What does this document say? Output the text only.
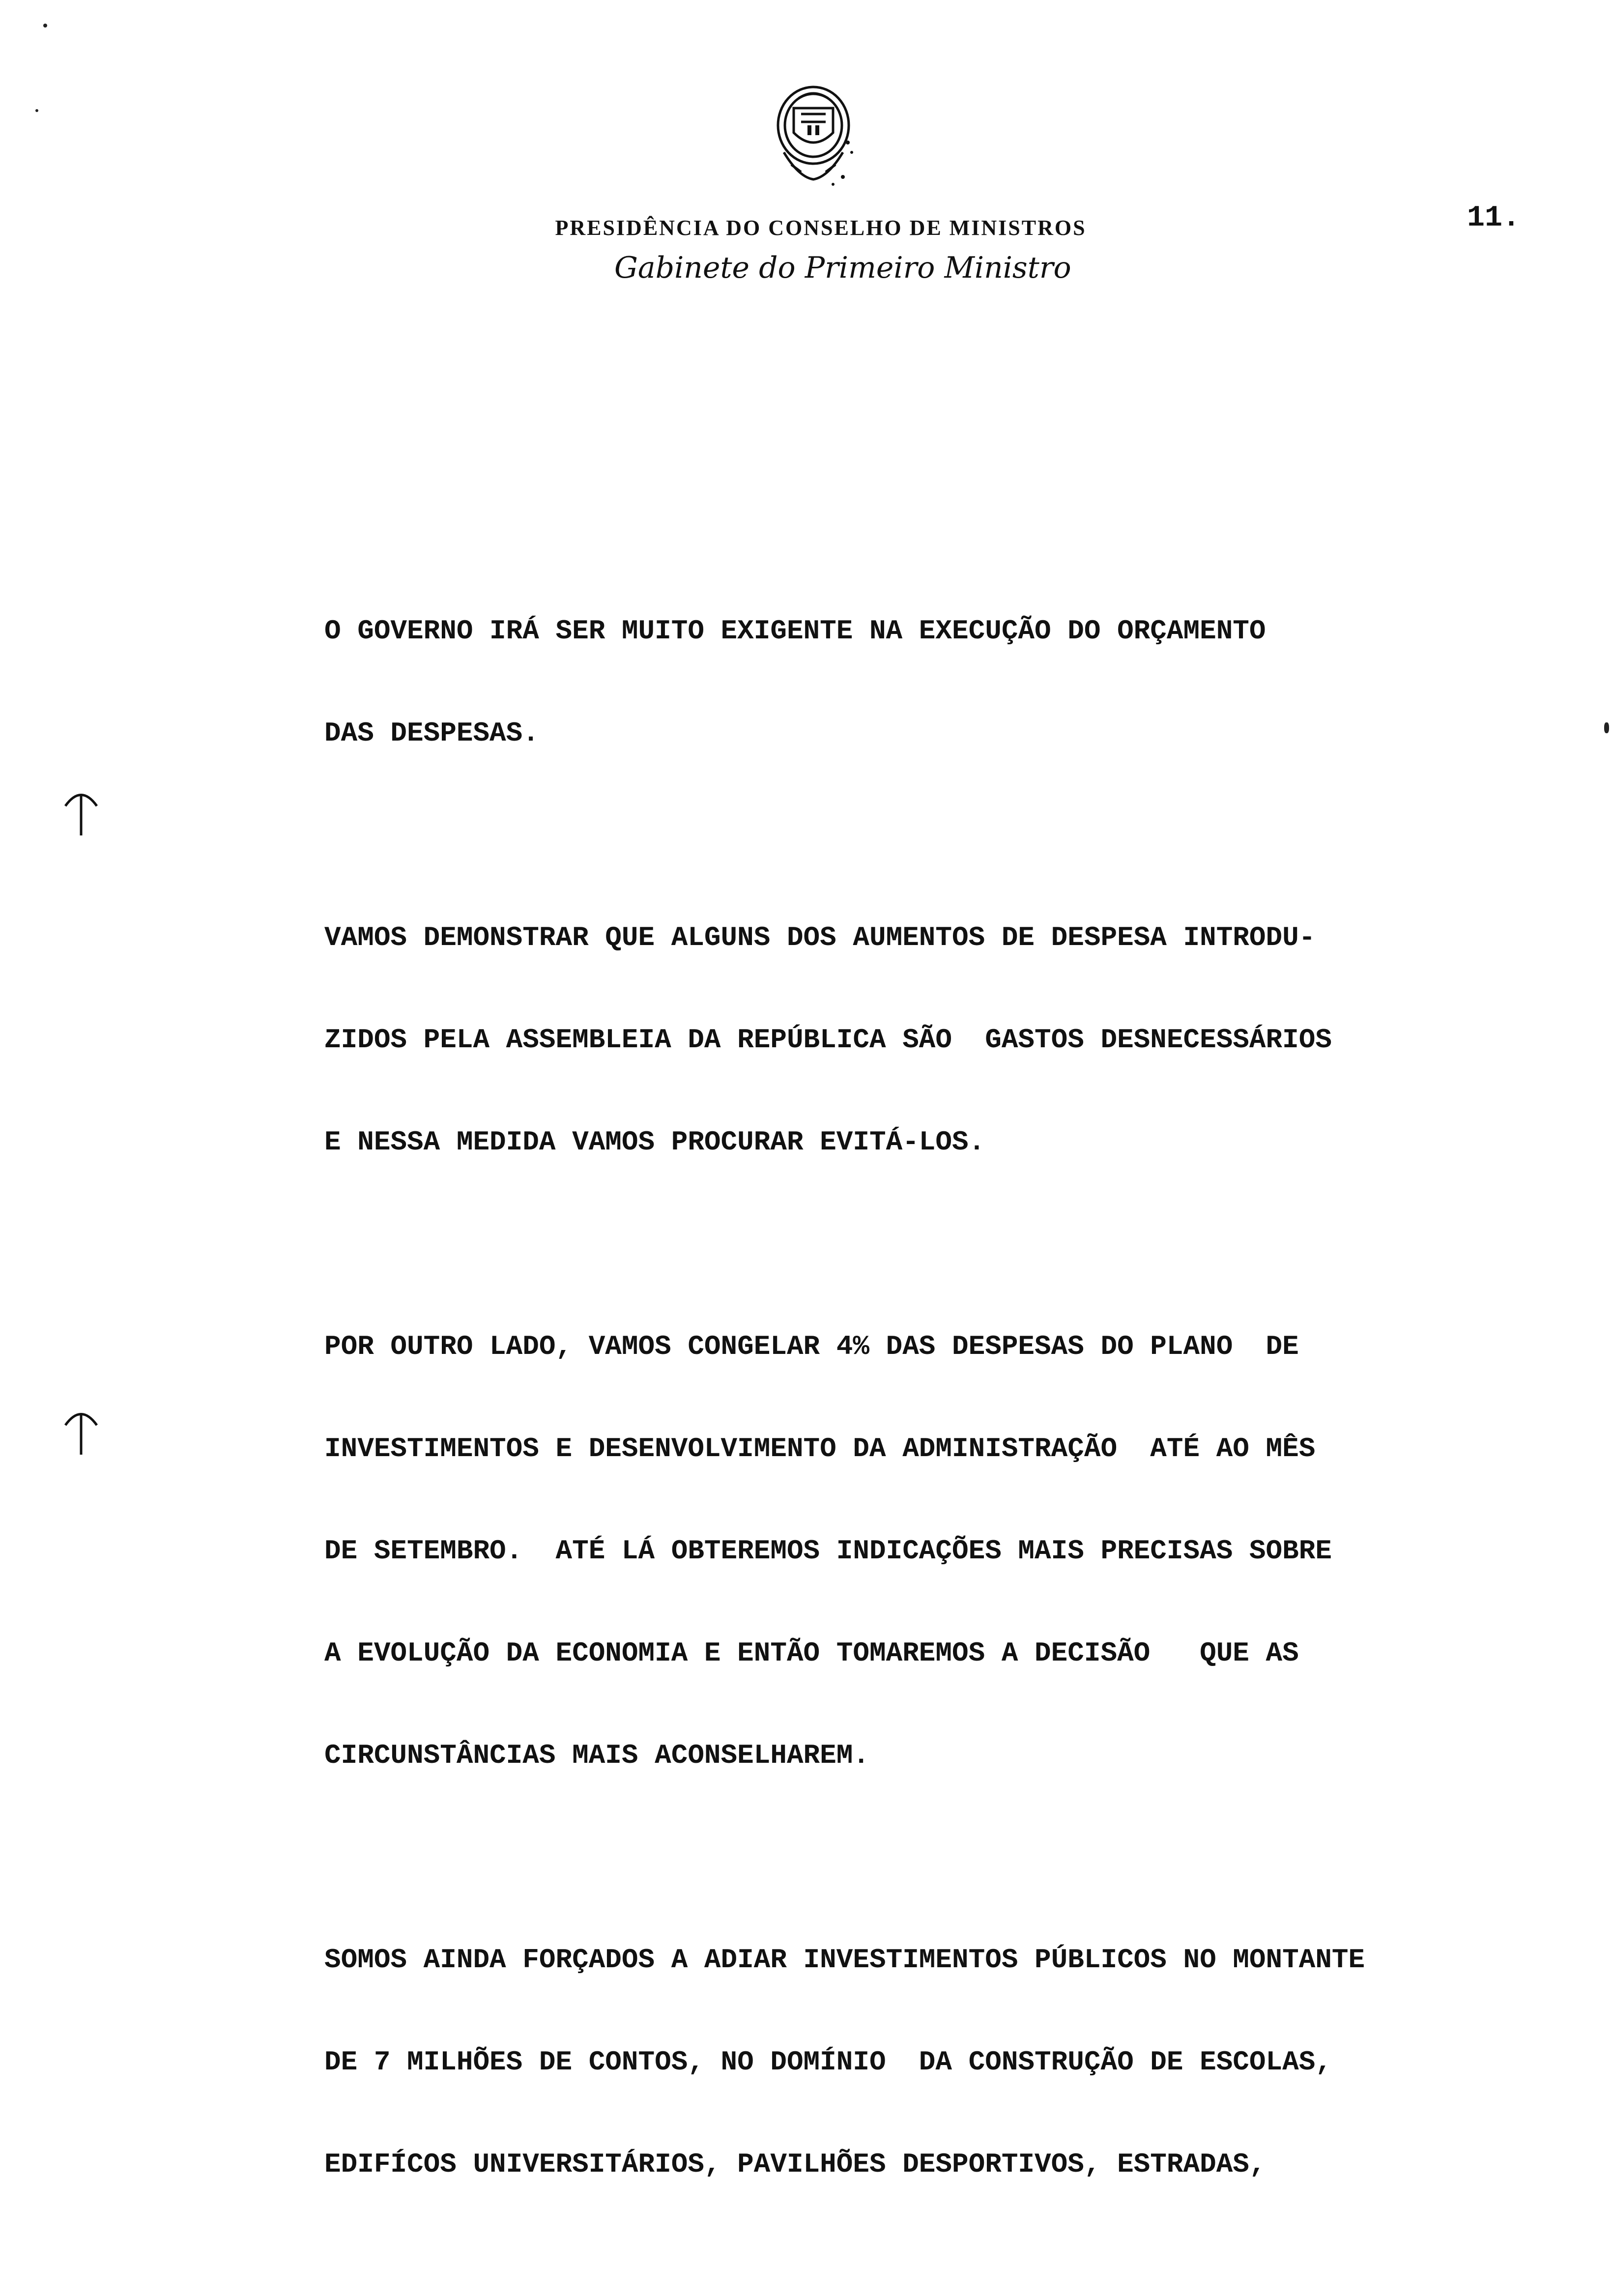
PRESIDÊNCIA DO CONSELHO DE MINISTROS
Gabinete do Primeiro Ministro
11.

O GOVERNO IRÁ SER MUITO EXIGENTE NA EXECUÇÃO DO ORÇAMENTO
DAS DESPESAS.

VAMOS DEMONSTRAR QUE ALGUNS DOS AUMENTOS DE DESPESA INTRODU-
ZIDOS PELA ASSEMBLEIA DA REPÚBLICA SÃO  GASTOS DESNECESSÁRIOS
E NESSA MEDIDA VAMOS PROCURAR EVITÁ-LOS.

POR OUTRO LADO, VAMOS CONGELAR 4% DAS DESPESAS DO PLANO  DE
INVESTIMENTOS E DESENVOLVIMENTO DA ADMINISTRAÇÃO  ATÉ AO MÊS
DE SETEMBRO.  ATÉ LÁ OBTEREMOS INDICAÇÕES MAIS PRECISAS SOBRE
A EVOLUÇÃO DA ECONOMIA E ENTÃO TOMAREMOS A DECISÃO   QUE AS
CIRCUNSTÂNCIAS MAIS ACONSELHAREM.

SOMOS AINDA FORÇADOS A ADIAR INVESTIMENTOS PÚBLICOS NO MONTANTE
DE 7 MILHÕES DE CONTOS, NO DOMÍNIO  DA CONSTRUÇÃO DE ESCOLAS,
EDIFÍCOS UNIVERSITÁRIOS, PAVILHÕES DESPORTIVOS, ESTRADAS,
